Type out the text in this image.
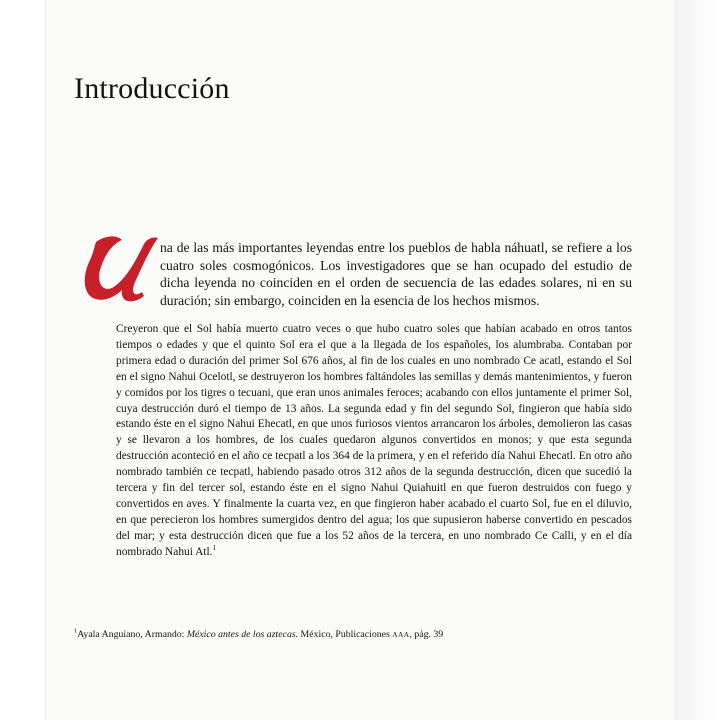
Introducción

na de las más importantes leyendas entre los pueblos de habla náhuatl, se refiere a los cuatro soles cosmogónicos. Los investigadores que se han ocupado del estudio de dicha leyenda no coinciden en el orden de secuencia de las edades solares, ni en su duración; sin embargo, coinciden en la esencia de los hechos mismos.

Creyeron que el Sol había muerto cuatro veces o que hubo cuatro soles que habían acabado en otros tantos tiempos o edades y que el quinto Sol era el que a la llegada de los españoles, los alumbraba. Contaban por primera edad o duración del primer Sol 676 años, al fin de los cuales en uno nombrado Ce acatl, estando el Sol en el signo Nahui Ocelotl, se destruyeron los hombres faltándoles las semillas y demás mantenimientos, y fueron y comidos por los tigres o tecuani, que eran unos animales feroces; acabando con ellos juntamente el primer Sol, cuya destrucción duró el tiempo de 13 años. La segunda edad y fin del segundo Sol, fingieron que había sido estando éste en el signo Nahui Ehecatl, en que unos furiosos vientos arrancaron los árboles, demolieron las casas y se llevaron a los hombres, de los cuales quedaron algunos convertidos en monos; y que esta segunda destrucción aconteció en el año ce tecpatl a los 364 de la primera, y en el referido día Nahui Ehecatl. En otro año nombrado también ce tecpatl, habiendo pasado otros 312 años de la segunda destrucción, dicen que sucedió la tercera y fin del tercer sol, estando éste en el signo Nahui Quiahuitl en que fueron destruidos con fuego y convertidos en aves. Y finalmente la cuarta vez, en que fingieron haber acabado el cuarto Sol, fue en el diluvio, en que perecieron los hombres sumergidos dentro del agua; los que supusieron haberse convertido en pescados del mar; y esta destrucción dicen que fue a los 52 años de la tercera, en uno nombrado Ce Calli, y en el día nombrado Nahui Atl.$^1$

$^1$Ayala Anguiano, Armando: México antes de los aztecas. México, Publicaciones AAA, pág. 39
